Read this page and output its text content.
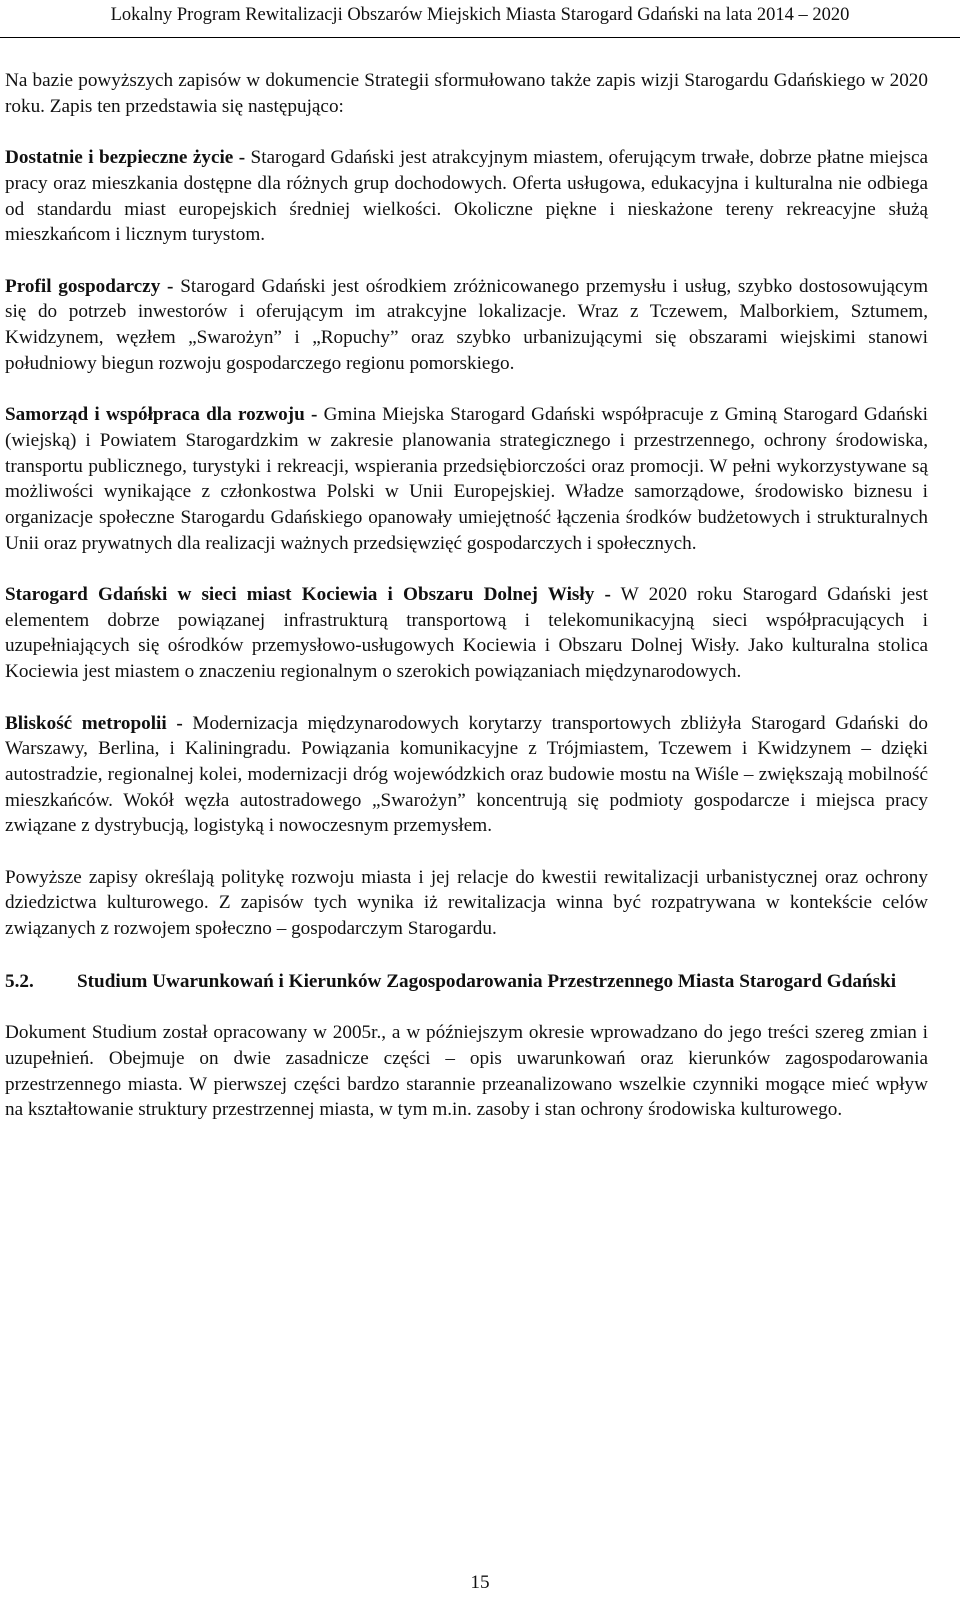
Lokalny Program Rewitalizacji Obszarów Miejskich Miasta Starogard Gdański na lata 2014 – 2020

Na bazie powyższych zapisów w dokumencie Strategii sformułowano także zapis wizji Starogardu Gdańskiego w 2020 roku. Zapis ten przedstawia się następująco:

Dostatnie i bezpieczne życie - Starogard Gdański jest atrakcyjnym miastem, oferującym trwałe, dobrze płatne miejsca pracy oraz mieszkania dostępne dla różnych grup dochodowych. Oferta usługowa, edukacyjna i kulturalna nie odbiega od standardu miast europejskich średniej wielkości. Okoliczne piękne i nieskażone tereny rekreacyjne służą mieszkańcom i licznym turystom.

Profil gospodarczy - Starogard Gdański jest ośrodkiem zróżnicowanego przemysłu i usług, szybko dostosowującym się do potrzeb inwestorów i oferującym im atrakcyjne lokalizacje. Wraz z Tczewem, Malborkiem, Sztumem, Kwidzynem, węzłem „Swarożyn” i „Ropuchy” oraz szybko urbanizującymi się obszarami wiejskimi stanowi południowy biegun rozwoju gospodarczego regionu pomorskiego.

Samorząd i współpraca dla rozwoju - Gmina Miejska Starogard Gdański współpracuje z Gminą Starogard Gdański (wiejską) i Powiatem Starogardzkim w zakresie planowania strategicznego i przestrzennego, ochrony środowiska, transportu publicznego, turystyki i rekreacji, wspierania przedsiębiorczości oraz promocji. W pełni wykorzystywane są możliwości wynikające z członkostwa Polski w Unii Europejskiej. Władze samorządowe, środowisko biznesu i organizacje społeczne Starogardu Gdańskiego opanowały umiejętność łączenia środków budżetowych i strukturalnych Unii oraz prywatnych dla realizacji ważnych przedsięwzięć gospodarczych i społecznych.

Starogard Gdański w sieci miast Kociewia i Obszaru Dolnej Wisły - W 2020 roku Starogard Gdański jest elementem dobrze powiązanej infrastrukturą transportową i telekomunikacyjną sieci współpracujących i uzupełniających się ośrodków przemysłowo-usługowych Kociewia i Obszaru Dolnej Wisły. Jako kulturalna stolica Kociewia jest miastem o znaczeniu regionalnym o szerokich powiązaniach międzynarodowych.

Bliskość metropolii - Modernizacja międzynarodowych korytarzy transportowych zbliżyła Starogard Gdański do Warszawy, Berlina, i Kaliningradu. Powiązania komunikacyjne z Trójmiastem, Tczewem i Kwidzynem – dzięki autostradzie, regionalnej kolei, modernizacji dróg wojewódzkich oraz budowie mostu na Wiśle – zwiększają mobilność mieszkańców. Wokół węzła autostradowego „Swarożyn” koncentrują się podmioty gospodarcze i miejsca pracy związane z dystrybucją, logistyką i nowoczesnym przemysłem.

Powyższe zapisy określają politykę rozwoju miasta i jej relacje do kwestii rewitalizacji urbanistycznej oraz ochrony dziedzictwa kulturowego. Z zapisów tych wynika iż rewitalizacja winna być rozpatrywana w kontekście celów związanych z rozwojem społeczno – gospodarczym Starogardu.

5.2.	Studium Uwarunkowań i Kierunków Zagospodarowania Przestrzennego Miasta Starogard Gdański

Dokument Studium został opracowany w 2005r., a w późniejszym okresie wprowadzano do jego treści szereg zmian i uzupełnień. Obejmuje on dwie zasadnicze części – opis uwarunkowań oraz kierunków zagospodarowania przestrzennego miasta. W pierwszej części bardzo starannie przeanalizowano wszelkie czynniki mogące mieć wpływ na kształtowanie struktury przestrzennej miasta, w tym m.in. zasoby i stan ochrony środowiska kulturowego.

15
